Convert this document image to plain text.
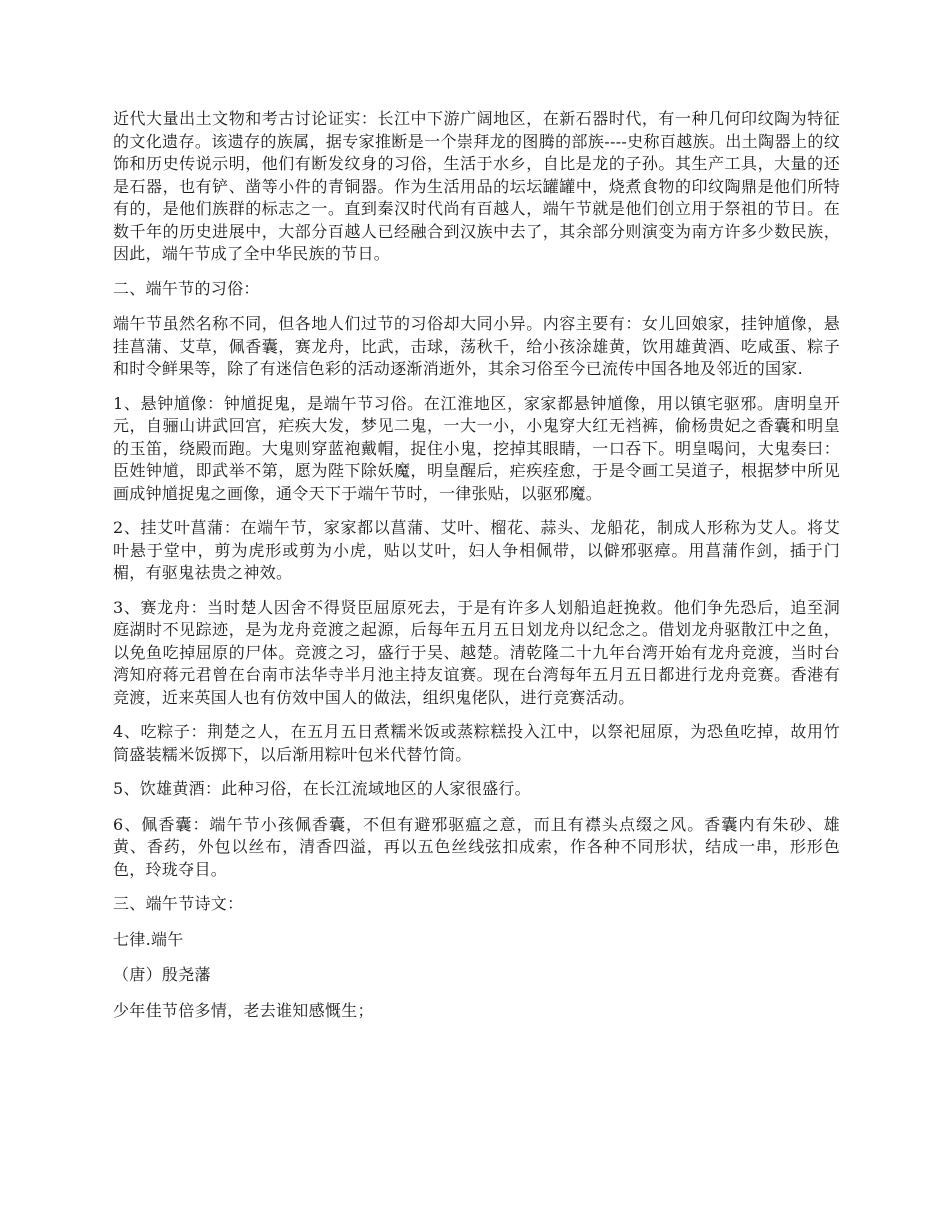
近代大量出土文物和考古讨论证实：长江中下游广阔地区，在新石器时代，有一种几何印纹陶为特征的文化遗存。该遗存的族属，据专家推断是一个崇拜龙的图腾的部族----史称百越族。出土陶器上的纹饰和历史传说示明，他们有断发纹身的习俗，生活于水乡，自比是龙的子孙。其生产工具，大量的还是石器，也有铲、凿等小件的青铜器。作为生活用品的坛坛罐罐中，烧煮食物的印纹陶鼎是他们所特有的，是他们族群的标志之一。直到秦汉时代尚有百越人，端午节就是他们创立用于祭祖的节日。在数千年的历史进展中，大部分百越人已经融合到汉族中去了，其余部分则演变为南方许多少数民族，因此，端午节成了全中华民族的节日。

二、端午节的习俗：

端午节虽然名称不同，但各地人们过节的习俗却大同小异。内容主要有：女儿回娘家，挂钟馗像，悬挂菖蒲、艾草，佩香囊，赛龙舟，比武，击球，荡秋千，给小孩涂雄黄，饮用雄黄酒、吃咸蛋、粽子和时令鲜果等，除了有迷信色彩的活动逐渐消逝外，其余习俗至今已流传中国各地及邻近的国家.

1、悬钟馗像：钟馗捉鬼，是端午节习俗。在江淮地区，家家都悬钟馗像，用以镇宅驱邪。唐明皇开元，自骊山讲武回宫，疟疾大发，梦见二鬼，一大一小，小鬼穿大红无裆裤，偷杨贵妃之香囊和明皇的玉笛，绕殿而跑。大鬼则穿蓝袍戴帽，捉住小鬼，挖掉其眼睛，一口吞下。明皇喝问，大鬼奏曰：臣姓钟馗，即武举不第，愿为陛下除妖魔，明皇醒后，疟疾痊愈，于是令画工吴道子，根据梦中所见画成钟馗捉鬼之画像，通令天下于端午节时，一律张贴，以驱邪魔。

2、挂艾叶菖蒲：在端午节，家家都以菖蒲、艾叶、榴花、蒜头、龙船花，制成人形称为艾人。将艾叶悬于堂中，剪为虎形或剪为小虎，贴以艾叶，妇人争相佩带，以僻邪驱瘴。用菖蒲作剑，插于门楣，有驱鬼祛贵之神效。

3、赛龙舟：当时楚人因舍不得贤臣屈原死去，于是有许多人划船追赶挽救。他们争先恐后，追至洞庭湖时不见踪迹，是为龙舟竞渡之起源，后每年五月五日划龙舟以纪念之。借划龙舟驱散江中之鱼，以免鱼吃掉屈原的尸体。竞渡之习，盛行于吴、越楚。清乾隆二十九年台湾开始有龙舟竞渡，当时台湾知府蒋元君曾在台南市法华寺半月池主持友谊赛。现在台湾每年五月五日都进行龙舟竞赛。香港有竞渡，近来英国人也有仿效中国人的做法，组织鬼佬队，进行竞赛活动。

4、吃粽子：荆楚之人，在五月五日煮糯米饭或蒸粽糕投入江中，以祭祀屈原，为恐鱼吃掉，故用竹筒盛装糯米饭掷下，以后渐用粽叶包米代替竹筒。

5、饮雄黄酒：此种习俗，在长江流域地区的人家很盛行。

6、佩香囊：端午节小孩佩香囊，不但有避邪驱瘟之意，而且有襟头点缀之风。香囊内有朱砂、雄黄、香药，外包以丝布，清香四溢，再以五色丝线弦扣成索，作各种不同形状，结成一串，形形色色，玲珑夺目。

三、端午节诗文：

七律.端午

（唐）殷尧藩

少年佳节倍多情，老去谁知感慨生；
